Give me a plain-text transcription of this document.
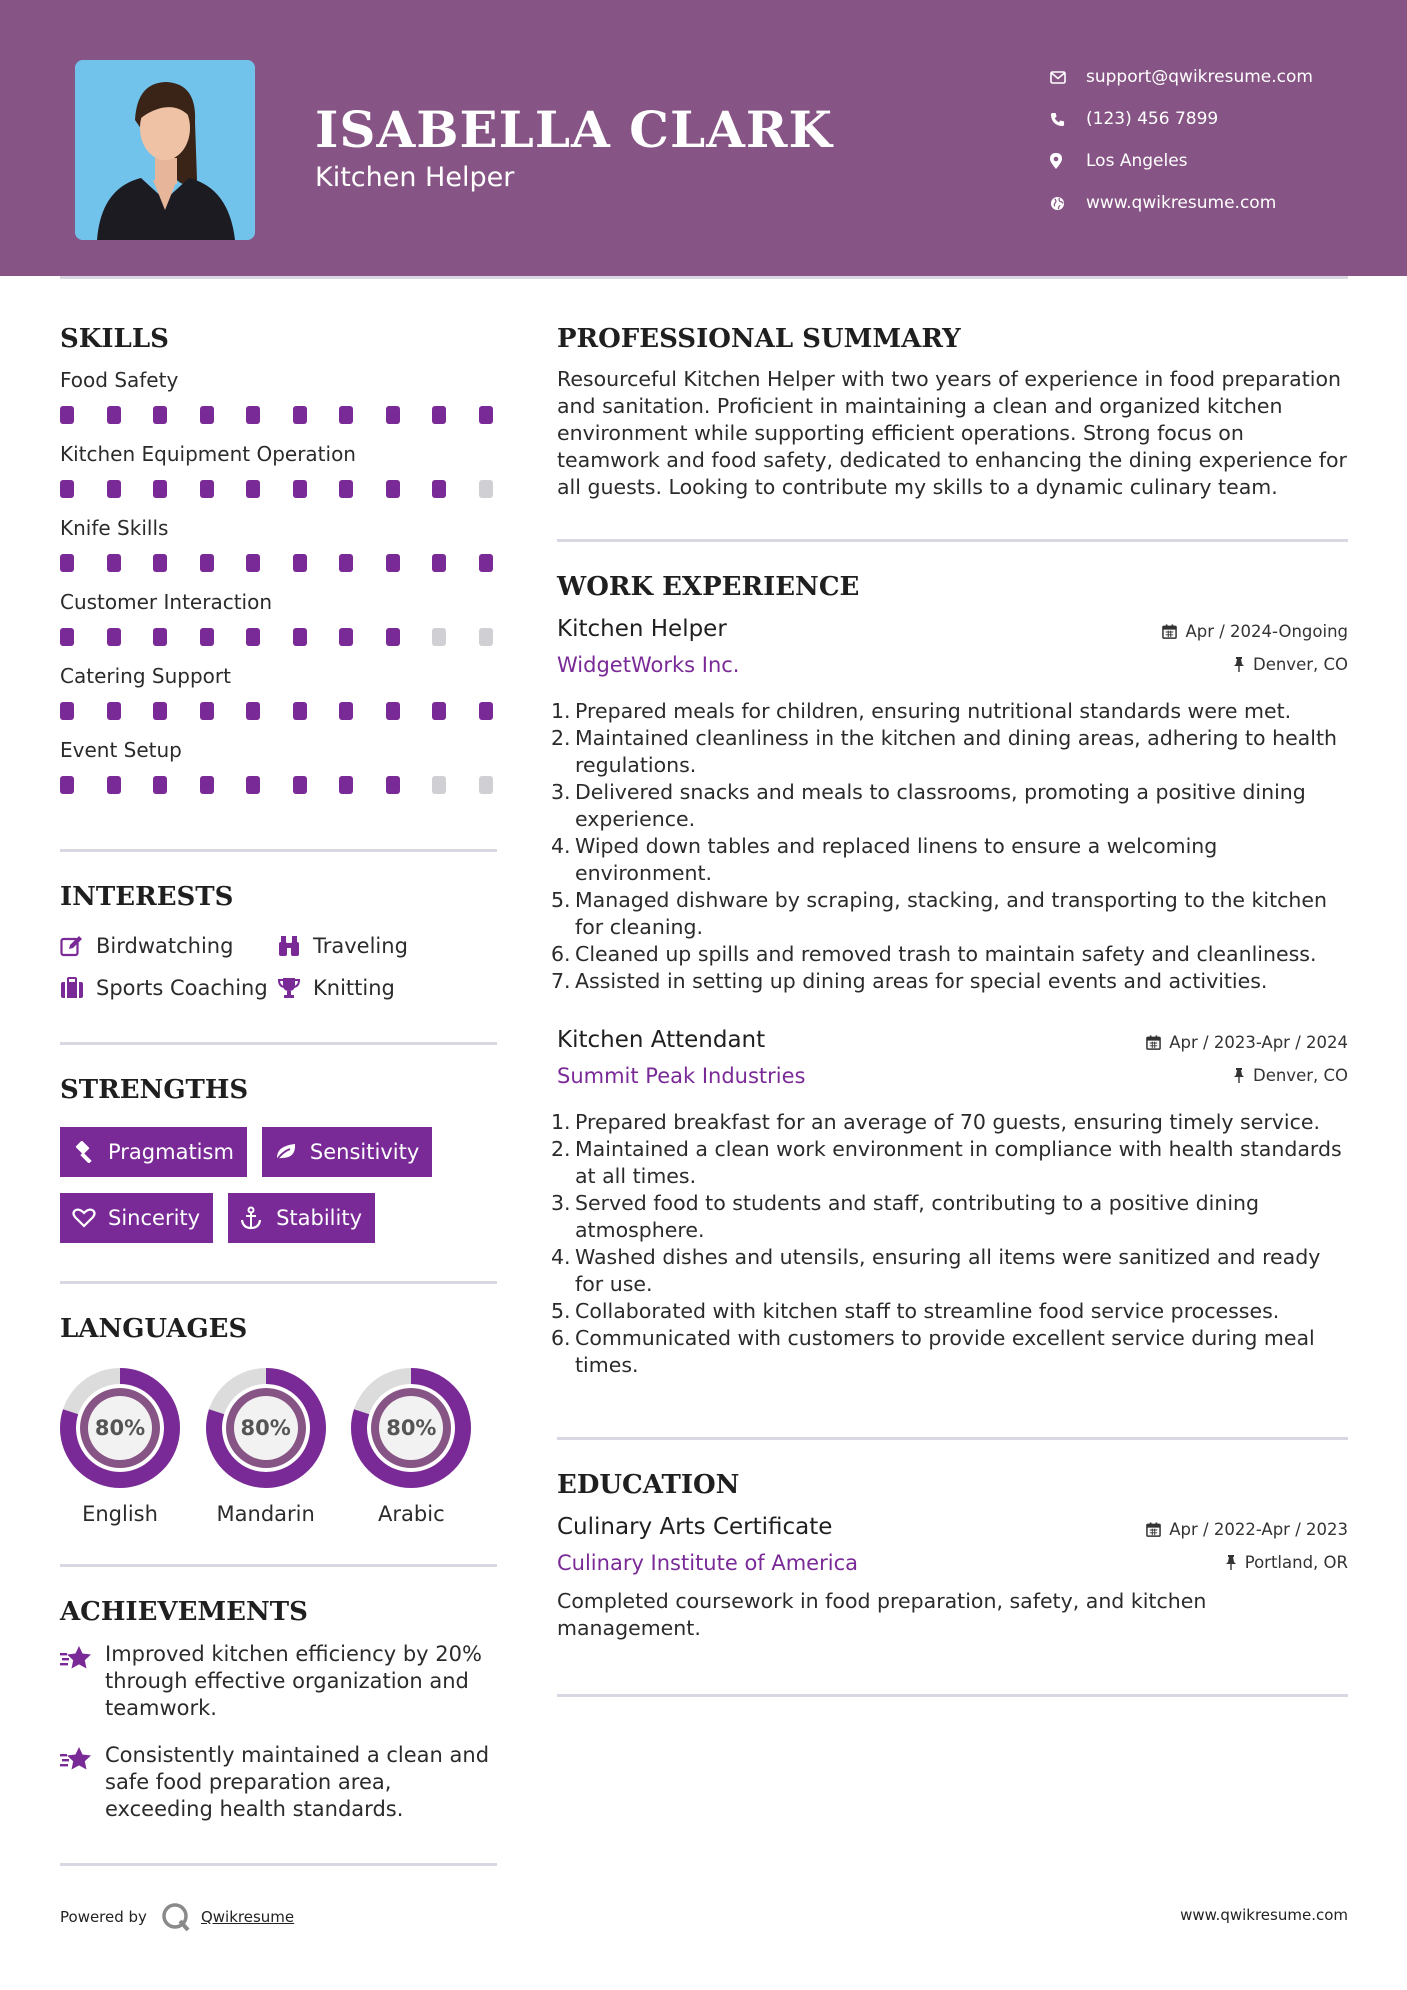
ISABELLA CLARK
Kitchen Helper
support@qwikresume.com
(123) 456 7899
Los Angeles
www.qwikresume.com
SKILLS
Food Safety
Kitchen Equipment Operation
Knife Skills
Customer Interaction
Catering Support
Event Setup
INTERESTS
Birdwatching	Traveling
Sports Coaching Knitting
STRENGTHS
Pragmatism	Sensitivity
Sincerity	Stability
LANGUAGES
80%
English
80%
Mandarin
80%
Arabic
ACHIEVEMENTS
Improved kitchen efficiency by 20% through effective organization and teamwork.
Consistently maintained a clean and safe food preparation area, exceeding health standards.
PROFESSIONAL SUMMARY

Resourceful Kitchen Helper with two years of experience in food preparation and sanitation. Proficient in maintaining a clean and organized kitchen environment while supporting efficient operations. Strong focus on teamwork and food safety, dedicated to enhancing the dining experience for all guests. Looking to contribute my skills to a dynamic culinary team.

WORK EXPERIENCE
Kitchen Helper
WidgetWorks Inc.
Apr / 2024-Ongoing
Denver, CO
1. Prepared meals for children, ensuring nutritional standards were met.
2. Maintained cleanliness in the kitchen and dining areas, adhering to health regulations.
3. Delivered snacks and meals to classrooms, promoting a positive dining experience.
4. Wiped down tables and replaced linens to ensure a welcoming environment.
5. Managed dishware by scraping, stacking, and transporting to the kitchen for cleaning.
6. Cleaned up spills and removed trash to maintain safety and cleanliness.
7. Assisted in setting up dining areas for special events and activities.
Kitchen Attendant
Summit Peak Industries
Apr / 2023-Apr / 2024
Denver, CO
1. Prepared breakfast for an average of 70 guests, ensuring timely service.
2. Maintained a clean work environment in compliance with health standards at all times.
3. Served food to students and staff, contributing to a positive dining atmosphere.
4. Washed dishes and utensils, ensuring all items were sanitized and ready for use.
5. Collaborated with kitchen staff to streamline food service processes.
6. Communicated with customers to provide excellent service during meal times.
EDUCATION
Culinary Arts Certificate
Culinary Institute of America
Apr / 2022-Apr / 2023
Portland, OR

Completed coursework in food preparation, safety, and kitchen management.

Powered by	Qwikresume	www.qwikresume.com
